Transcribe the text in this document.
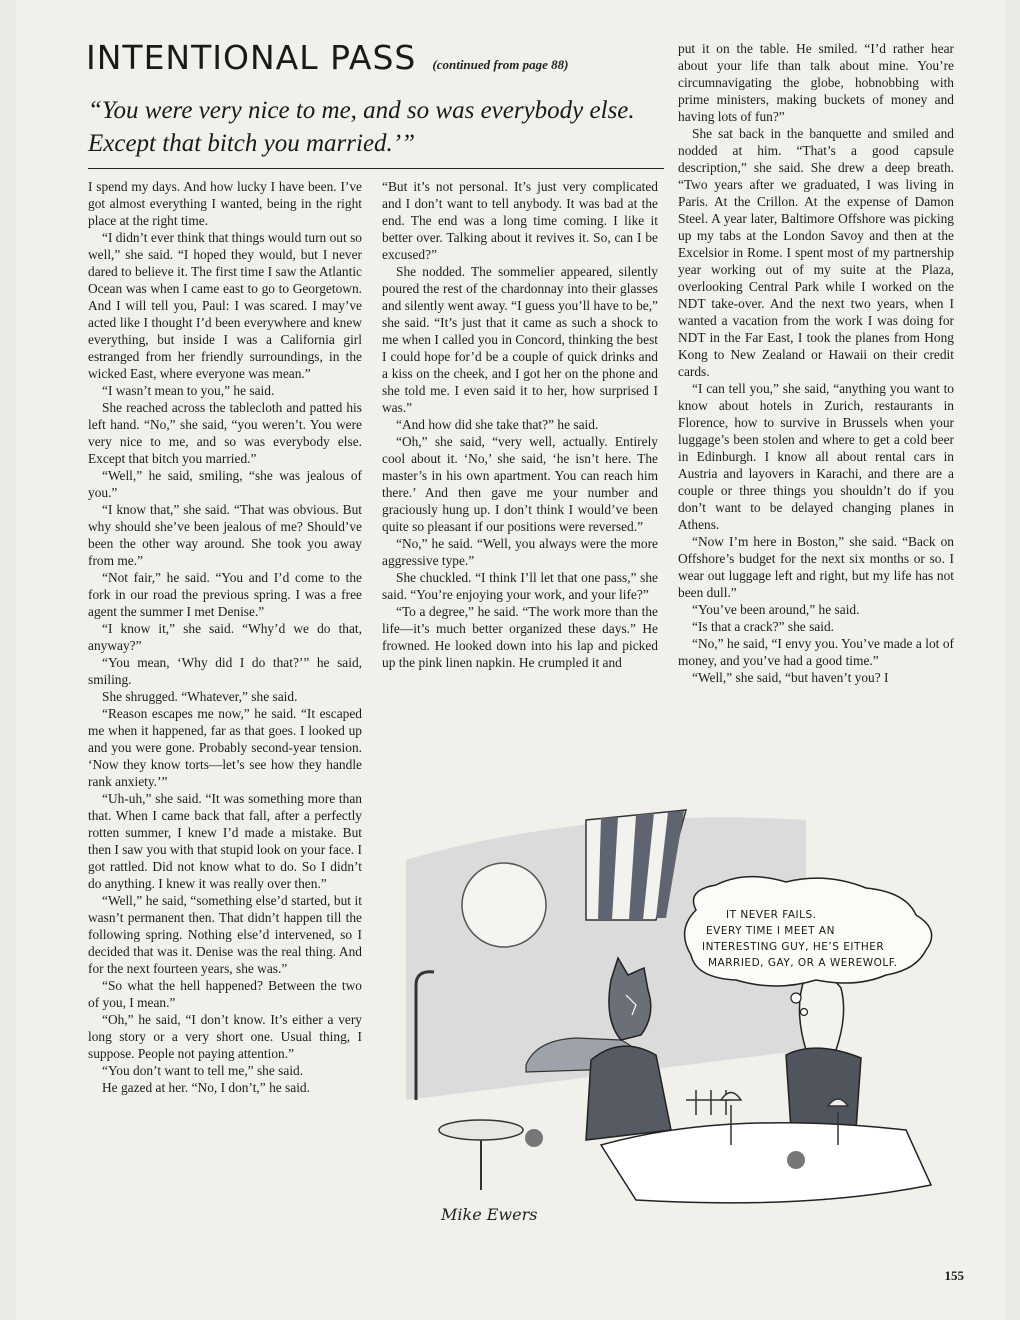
INTENTIONAL PASS (continued from page 88)
“You were very nice to me, and so was everybody else. Except that bitch you married.’”

I spend my days. And how lucky I have been. I’ve got almost everything I wanted, being in the right place at the right time.

“I didn’t ever think that things would turn out so well,” she said. “I hoped they would, but I never dared to believe it. The first time I saw the Atlantic Ocean was when I came east to go to Georgetown. And I will tell you, Paul: I was scared. I may’ve acted like I thought I’d been everywhere and knew everything, but inside I was a California girl estranged from her friendly surroundings, in the wicked East, where everyone was mean.”

“I wasn’t mean to you,” he said.

She reached across the tablecloth and patted his left hand. “No,” she said, “you weren’t. You were very nice to me, and so was everybody else. Except that bitch you married.”

“Well,” he said, smiling, “she was jealous of you.”

“I know that,” she said. “That was obvious. But why should she’ve been jealous of me? Should’ve been the other way around. She took you away from me.”

“Not fair,” he said. “You and I’d come to the fork in our road the previous spring. I was a free agent the summer I met Denise.”

“I know it,” she said. “Why’d we do that, anyway?”

“You mean, ‘Why did I do that?’” he said, smiling.

She shrugged. “Whatever,” she said.

“Reason escapes me now,” he said. “It escaped me when it happened, far as that goes. I looked up and you were gone. Probably second-year tension. ‘Now they know torts—let’s see how they handle rank anxiety.’”

“Uh-uh,” she said. “It was something more than that. When I came back that fall, after a perfectly rotten summer, I knew I’d made a mistake. But then I saw you with that stupid look on your face. I got rattled. Did not know what to do. So I didn’t do anything. I knew it was really over then.”

“Well,” he said, “something else’d started, but it wasn’t permanent then. That didn’t happen till the following spring. Nothing else’d intervened, so I decided that was it. Denise was the real thing. And for the next fourteen years, she was.”

“So what the hell happened? Between the two of you, I mean.”

“Oh,” he said, “I don’t know. It’s either a very long story or a very short one. Usual thing, I suppose. People not paying attention.”

“You don’t want to tell me,” she said.

He gazed at her. “No, I don’t,” he said.

“But it’s not personal. It’s just very complicated and I don’t want to tell anybody. It was bad at the end. The end was a long time coming. I like it better over. Talking about it revives it. So, can I be excused?”

She nodded. The sommelier appeared, silently poured the rest of the chardonnay into their glasses and silently went away. “I guess you’ll have to be,” she said. “It’s just that it came as such a shock to me when I called you in Concord, thinking the best I could hope for’d be a couple of quick drinks and a kiss on the cheek, and I got her on the phone and she told me. I even said it to her, how surprised I was.”

“And how did she take that?” he said.

“Oh,” she said, “very well, actually. Entirely cool about it. ‘No,’ she said, ‘he isn’t here. The master’s in his own apartment. You can reach him there.’ And then gave me your number and graciously hung up. I don’t think I would’ve been quite so pleasant if our positions were reversed.”

“No,” he said. “Well, you always were the more aggressive type.”

She chuckled. “I think I’ll let that one pass,” she said. “You’re enjoying your work, and your life?”

“To a degree,” he said. “The work more than the life—it’s much better organized these days.” He frowned. He looked down into his lap and picked up the pink linen napkin. He crumpled it and

put it on the table. He smiled. “I’d rather hear about your life than talk about mine. You’re circumnavigating the globe, hobnobbing with prime ministers, making buckets of money and having lots of fun?”

She sat back in the banquette and smiled and nodded at him. “That’s a good capsule description,” she said. She drew a deep breath. “Two years after we graduated, I was living in Paris. At the Crillon. At the expense of Damon Steel. A year later, Baltimore Offshore was picking up my tabs at the London Savoy and then at the Excelsior in Rome. I spent most of my partnership year working out of my suite at the Plaza, overlooking Central Park while I worked on the NDT take-over. And the next two years, when I wanted a vacation from the work I was doing for NDT in the Far East, I took the planes from Hong Kong to New Zealand or Hawaii on their credit cards.

“I can tell you,” she said, “anything you want to know about hotels in Zurich, restaurants in Florence, how to survive in Brussels when your luggage’s been stolen and where to get a cold beer in Edinburgh. I know all about rental cars in Austria and layovers in Karachi, and there are a couple or three things you shouldn’t do if you don’t want to be delayed changing planes in Athens.

“Now I’m here in Boston,” she said. “Back on Offshore’s budget for the next six months or so. I wear out luggage left and right, but my life has not been dull.”

“You’ve been around,” he said.

“Is that a crack?” she said.

“No,” he said, “I envy you. You’ve made a lot of money, and you’ve had a good time.”

“Well,” she said, “but haven’t you? I

IT NEVER FAILS.
EVERY TIME I MEET AN
INTERESTING GUY, HE’S EITHER
MARRIED, GAY, OR A WEREWOLF.
Mike Ewers
155
